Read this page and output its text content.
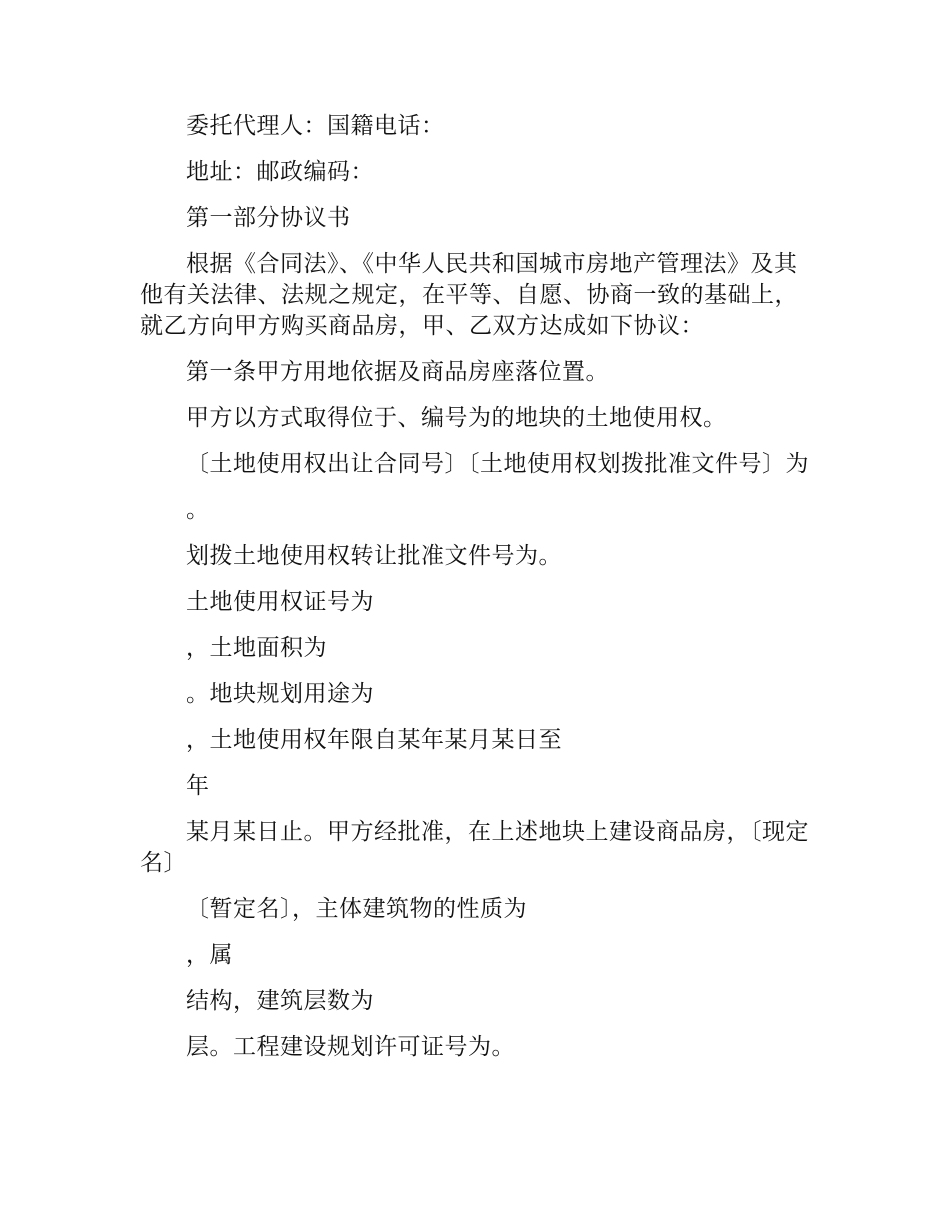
委托代理人：国籍电话：

地址：邮政编码：

第一部分协议书

根据《合同法》、《中华人民共和国城市房地产管理法》及其他有关法律、法规之规定，在平等、自愿、协商一致的基础上，就乙方向甲方购买商品房，甲、乙双方达成如下协议：

第一条甲方用地依据及商品房座落位置。

甲方以方式取得位于、编号为的地块的土地使用权。

〔土地使用权出让合同号〕〔土地使用权划拨批准文件号〕为

。

划拨土地使用权转让批准文件号为。

土地使用权证号为

，土地面积为

。地块规划用途为

，土地使用权年限自某年某月某日至

年

某月某日止。甲方经批准，在上述地块上建设商品房，〔现定名〕

〔暂定名〕，主体建筑物的性质为

，属

结构，建筑层数为

层。工程建设规划许可证号为。
